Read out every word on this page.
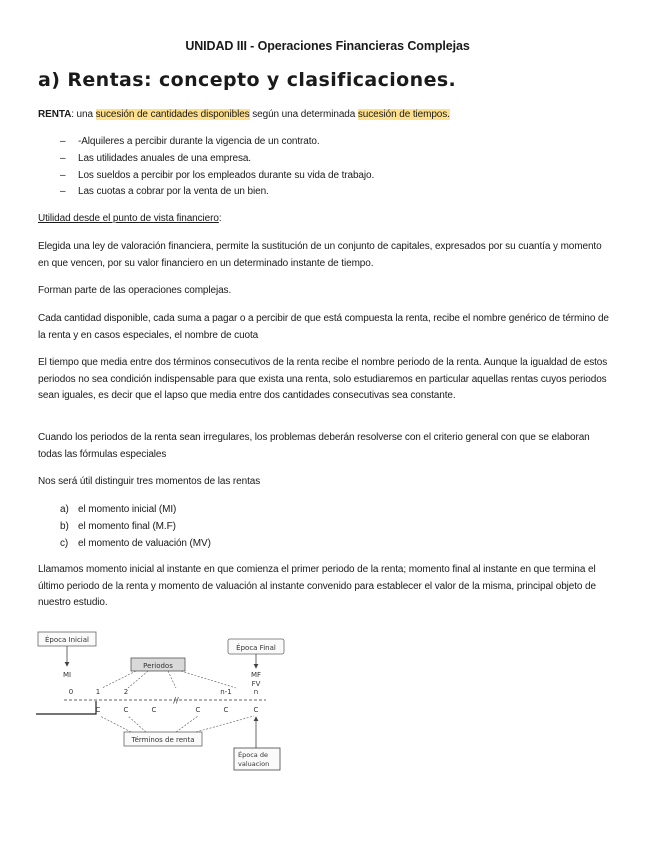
UNIDAD III - Operaciones Financieras Complejas
a) Rentas: concepto y clasificaciones.
RENTA: una sucesión de cantidades disponibles según una determinada sucesión de tiempos.
– -Alquileres a percibir durante la vigencia de un contrato.
– Las utilidades anuales de una empresa.
– Los sueldos a percibir por los empleados durante su vida de trabajo.
– Las cuotas a cobrar por la venta de un bien.
Utilidad desde el punto de vista financiero:
Elegida una ley de valoración financiera, permite la sustitución de un conjunto de capitales, expresados por su cuantía y momento en que vencen, por su valor financiero en un determinado instante de tiempo.
Forman parte de las operaciones complejas.
Cada cantidad disponible, cada suma a pagar o a percibir de que está compuesta la renta, recibe el nombre genérico de término de la renta y en casos especiales, el nombre de cuota
El tiempo que media entre dos términos consecutivos de la renta recibe el nombre periodo de la renta. Aunque la igualdad de estos periodos no sea condición indispensable para que exista una renta, solo estudiaremos en particular aquellas rentas cuyos periodos sean iguales, es decir que el lapso que media entre dos cantidades consecutivas sea constante.
Cuando los periodos de la renta sean irregulares, los problemas deberán resolverse con el criterio general con que se elaboran todas las fórmulas especiales
Nos será útil distinguir tres momentos de las rentas
a) el momento inicial (MI)
b) el momento final (M.F)
c) el momento de valuación (MV)
Llamamos momento inicial al instante en que comienza el primer periodo de la renta; momento final al instante en que termina el último periodo de la renta y momento de valuación al instante convenido para establecer el valor de la misma, principal objeto de nuestro estudio.
Época Inicial
Época Final
Periodos
MI	MF
FV
0	1	2	n-1	n
//
C	C	C	C	C	C
Términos de renta
Época de
valuacion
